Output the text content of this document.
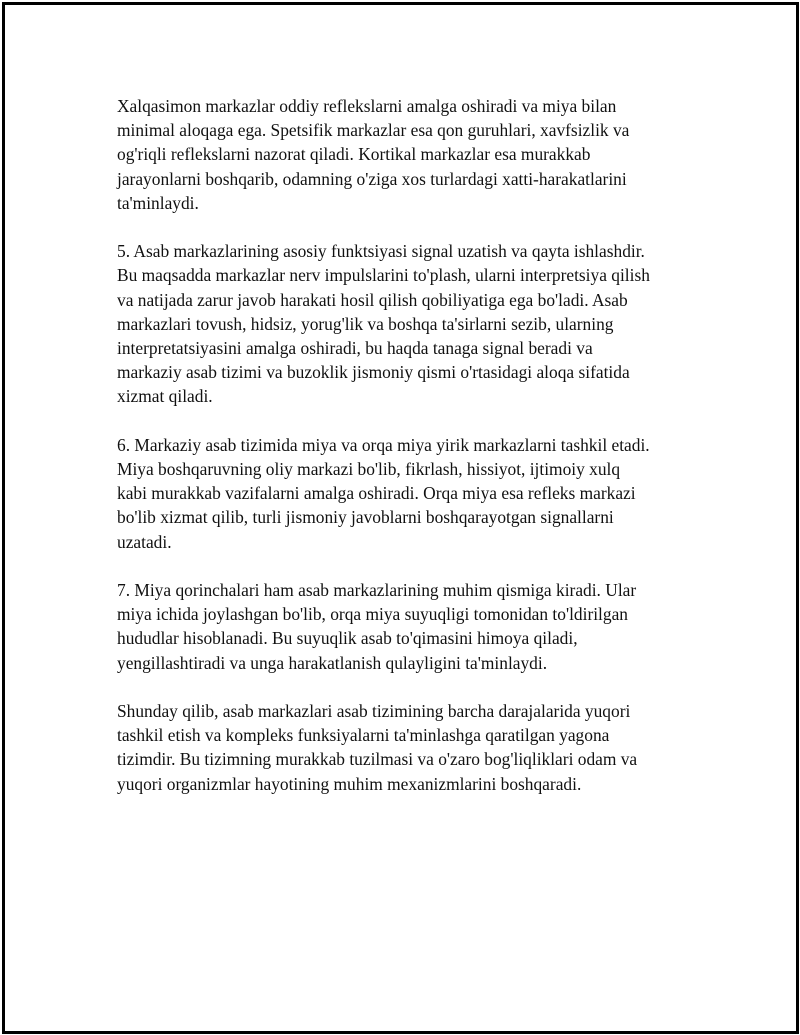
Xalqasimon markazlar oddiy reflekslarni amalga oshiradi va miya bilan
minimal aloqaga ega. Spetsifik markazlar esa qon guruhlari, xavfsizlik va
og'riqli reflekslarni nazorat qiladi. Kortikal markazlar esa murakkab
jarayonlarni boshqarib, odamning o'ziga xos turlardagi xatti-harakatlarini
ta'minlaydi.

5. Asab markazlarining asosiy funktsiyasi signal uzatish va qayta ishlashdir.
Bu maqsadda markazlar nerv impulslarini to'plash, ularni interpretsiya qilish
va natijada zarur javob harakati hosil qilish qobiliyatiga ega bo'ladi. Asab
markazlari tovush, hidsiz, yorug'lik va boshqa ta'sirlarni sezib, ularning
interpretatsiyasini amalga oshiradi, bu haqda tanaga signal beradi va
markaziy asab tizimi va buzoklik jismoniy qismi o'rtasidagi aloqa sifatida
xizmat qiladi.

6. Markaziy asab tizimida miya va orqa miya yirik markazlarni tashkil etadi.
Miya boshqaruvning oliy markazi bo'lib, fikrlash, hissiyot, ijtimoiy xulq
kabi murakkab vazifalarni amalga oshiradi. Orqa miya esa refleks markazi
bo'lib xizmat qilib, turli jismoniy javoblarni boshqarayotgan signallarni
uzatadi.

7. Miya qorinchalari ham asab markazlarining muhim qismiga kiradi. Ular
miya ichida joylashgan bo'lib, orqa miya suyuqligi tomonidan to'ldirilgan
hududlar hisoblanadi. Bu suyuqlik asab to'qimasini himoya qiladi,
yengillashtiradi va unga harakatlanish qulayligini ta'minlaydi.

Shunday qilib, asab markazlari asab tizimining barcha darajalarida yuqori
tashkil etish va kompleks funksiyalarni ta'minlashga qaratilgan yagona
tizimdir. Bu tizimning murakkab tuzilmasi va o'zaro bog'liqliklari odam va
yuqori organizmlar hayotining muhim mexanizmlarini boshqaradi.
